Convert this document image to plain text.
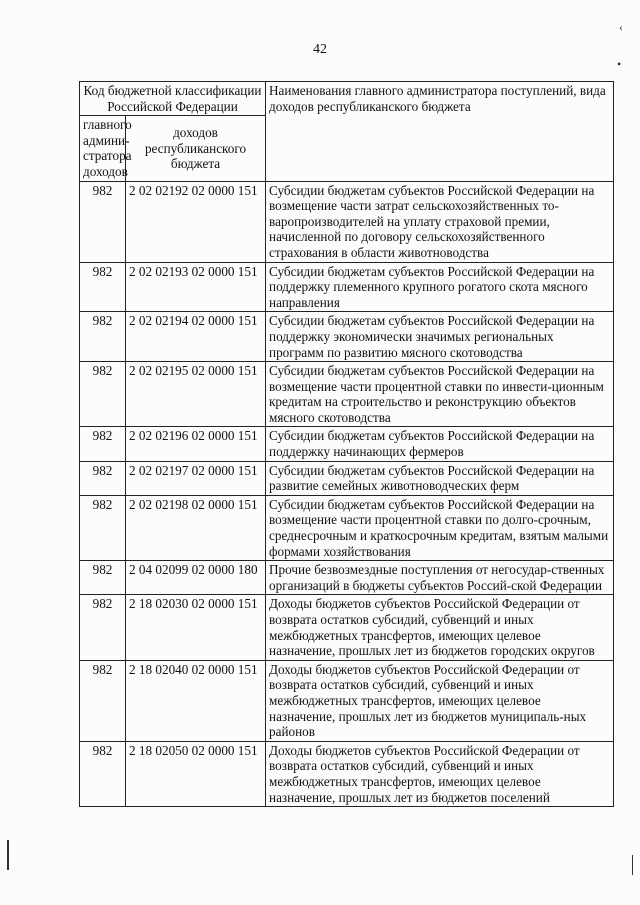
42
‹
•
Код бюджетной классификации Российской Федерации		Наименования главного администратора поступлений, вида доходов республиканского бюджета
главного админи-стратора доходов	доходов республиканского бюджета	
982	2 02 02192 02 0000 151	Субсидии бюджетам субъектов Российской Федерации на возмещение части затрат сельскохозяйственных то-варопроизводителей на уплату страховой премии, начисленной по договору сельскохозяйственного страхования в области животноводства
982	2 02 02193 02 0000 151	Субсидии бюджетам субъектов Российской Федерации на поддержку племенного крупного рогатого скота мясного направления
982	2 02 02194 02 0000 151	Субсидии бюджетам субъектов Российской Федерации на поддержку экономически значимых региональных программ по развитию мясного скотоводства
982	2 02 02195 02 0000 151	Субсидии бюджетам субъектов Российской Федерации на возмещение части процентной ставки по инвести-ционным кредитам на строительство и реконструкцию объектов мясного скотоводства
982	2 02 02196 02 0000 151	Субсидии бюджетам субъектов Российской Федерации на поддержку начинающих фермеров
982	2 02 02197 02 0000 151	Субсидии бюджетам субъектов Российской Федерации на развитие семейных животноводческих ферм
982	2 02 02198 02 0000 151	Субсидии бюджетам субъектов Российской Федерации на возмещение части процентной ставки по долго-срочным, среднесрочным и краткосрочным кредитам, взятым малыми формами хозяйствования
982	2 04 02099 02 0000 180	Прочие безвозмездные поступления от негосудар-ственных организаций в бюджеты субъектов Россий-ской Федерации
982	2 18 02030 02 0000 151	Доходы бюджетов субъектов Российской Федерации от возврата остатков субсидий, субвенций и иных межбюджетных трансфертов, имеющих целевое назначение, прошлых лет из бюджетов городских округов
982	2 18 02040 02 0000 151	Доходы бюджетов субъектов Российской Федерации от возврата остатков субсидий, субвенций и иных межбюджетных трансфертов, имеющих целевое назначение, прошлых лет из бюджетов муниципаль-ных районов
982	2 18 02050 02 0000 151	Доходы бюджетов субъектов Российской Федерации от возврата остатков субсидий, субвенций и иных межбюджетных трансфертов, имеющих целевое назначение, прошлых лет из бюджетов поселений
